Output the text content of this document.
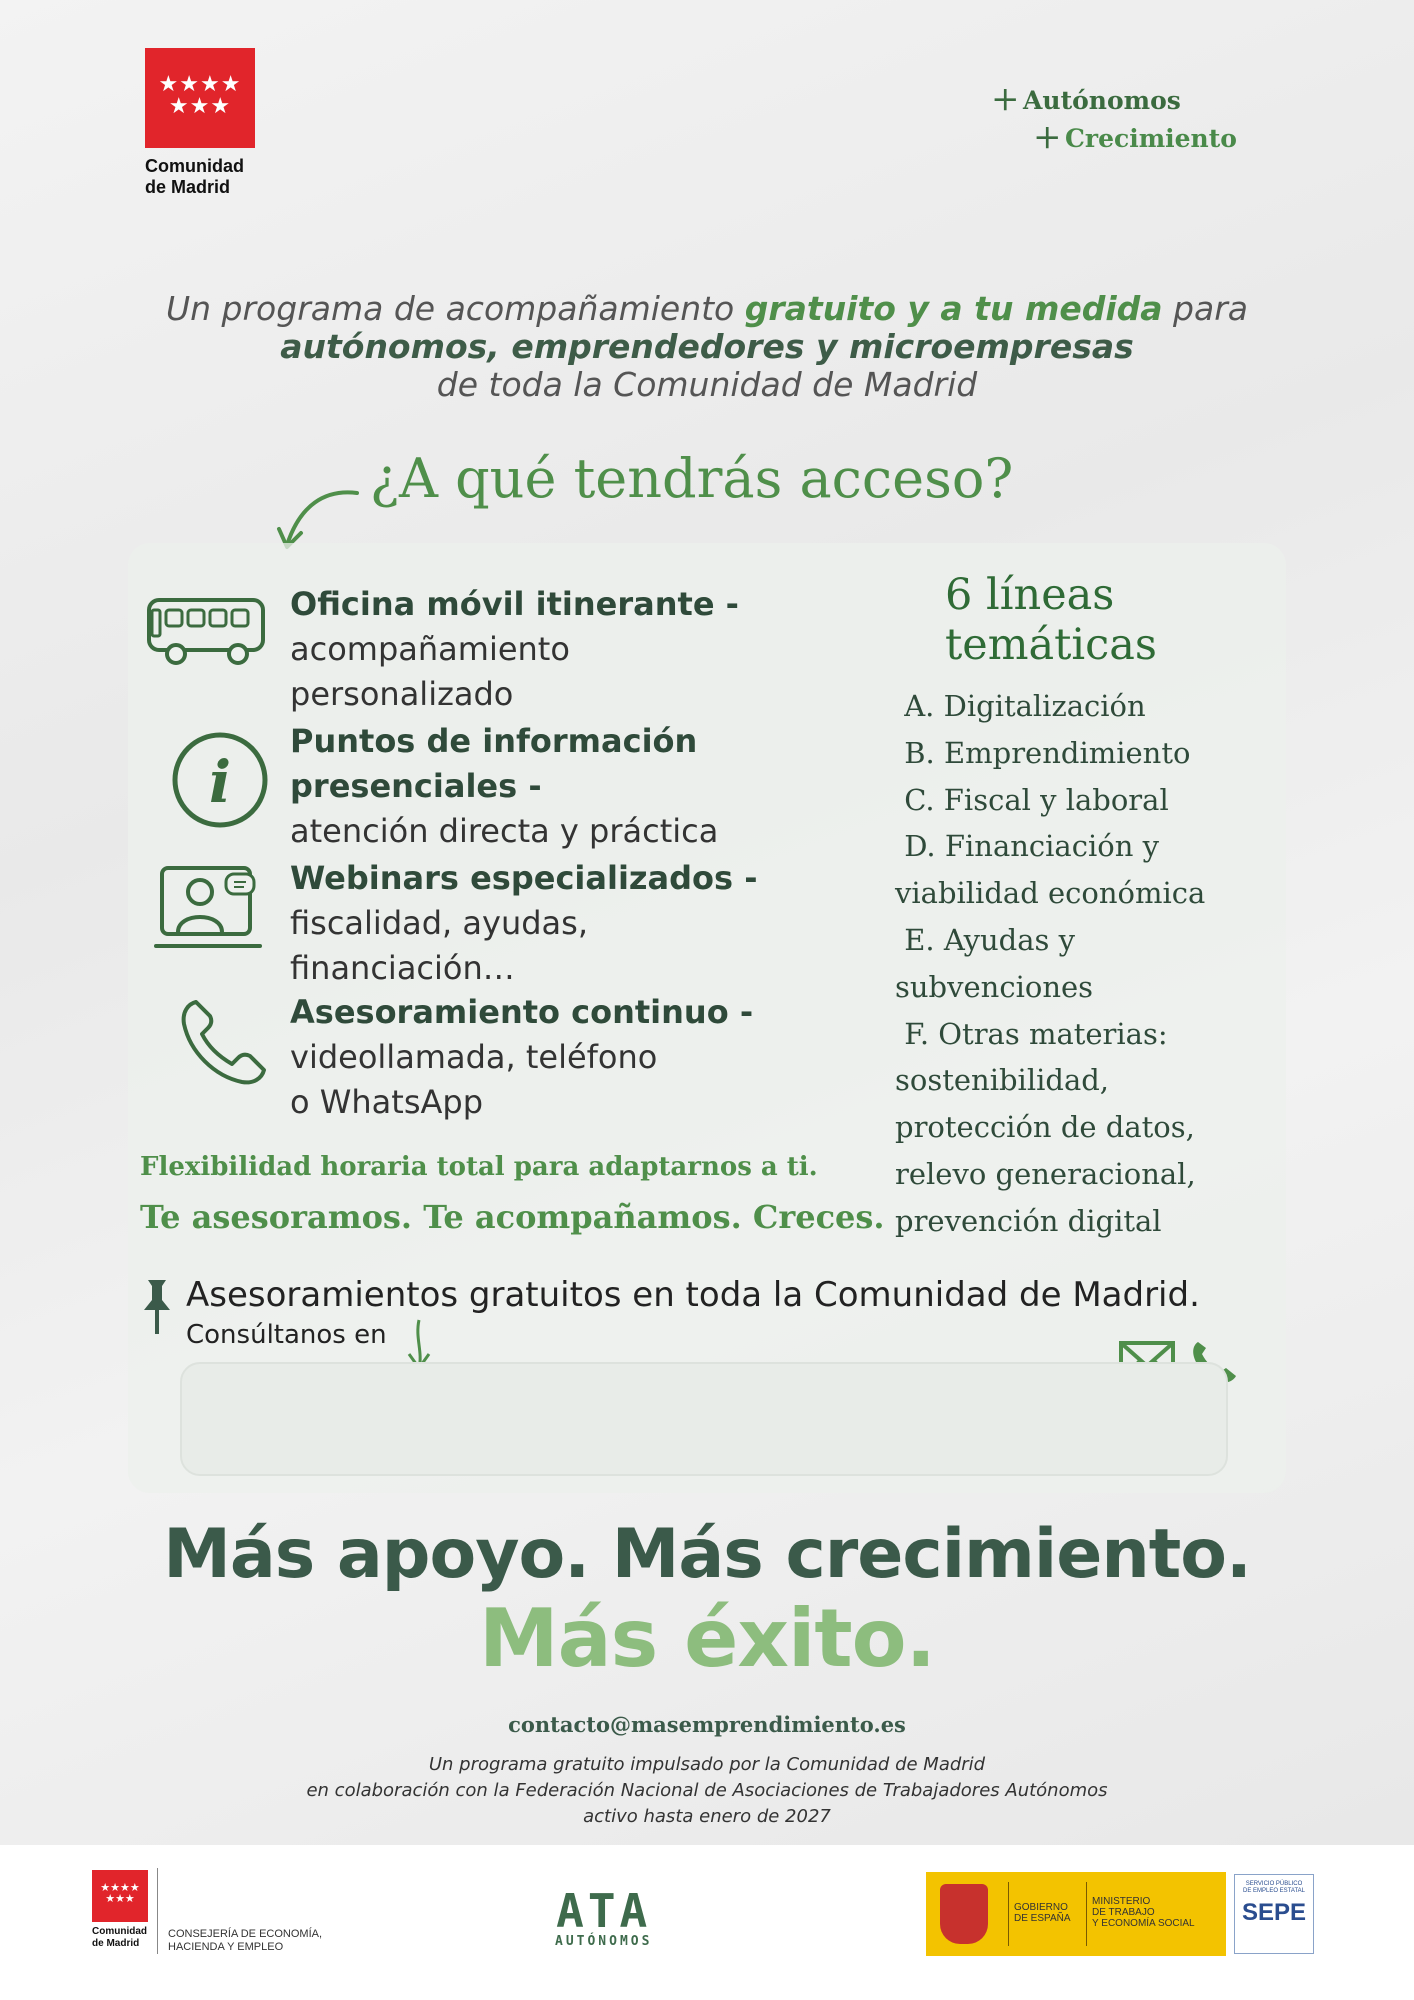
★★★★
★★★
Comunidad
de Madrid
+ Autónomos
+ Crecimiento
Un programa de acompañamiento gratuito y a tu medida para
autónomos, emprendedores y microempresas
de toda la Comunidad de Madrid
¿A qué tendrás acceso?
Oficina móvil itinerante -
acompañamiento
personalizado
i
Puntos de información
presenciales -
atención directa y práctica
Webinars especializados -
fiscalidad, ayudas,
financiación…
Asesoramiento continuo -
videollamada, teléfono
o WhatsApp
6 líneas
temáticas
A. Digitalización
B. Emprendimiento
C. Fiscal y laboral
D. Financiación y
viabilidad económica
E. Ayudas y
subvenciones
F. Otras materias:
sostenibilidad,
protección de datos,
relevo generacional,
prevención digital
Flexibilidad horaria total para adaptarnos a ti.
Te asesoramos. Te acompañamos. Creces.
Asesoramientos gratuitos en toda la Comunidad de Madrid.
Consúltanos en
Más apoyo. Más crecimiento.
Más éxito.
contacto@masemprendimiento.es
Un programa gratuito impulsado por la Comunidad de Madrid
en colaboración con la Federación Nacional de Asociaciones de Trabajadores Autónomos
activo hasta enero de 2027
★★★★
★★★
Comunidad
de Madrid
CONSEJERÍA DE ECONOMÍA,
HACIENDA Y EMPLEO
ATA
AUTÓNOMOS
GOBIERNO
DE ESPAÑA
MINISTERIO
DE TRABAJO
Y ECONOMÍA SOCIAL
SERVICIO PÚBLICO
DE EMPLEO ESTATAL
SEPE
